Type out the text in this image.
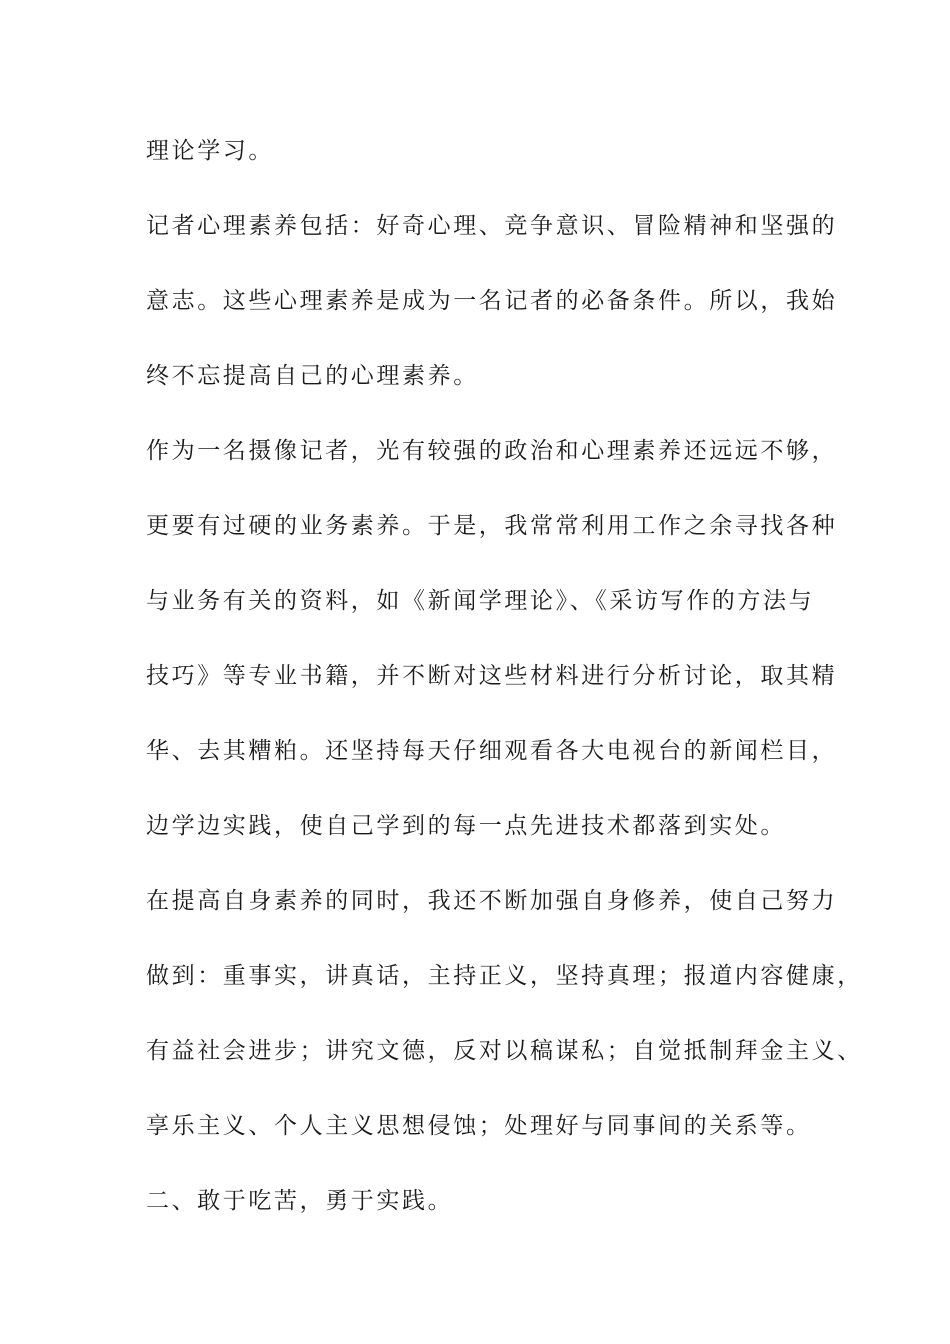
理论学习。
记者心理素养包括：好奇心理、竞争意识、冒险精神和坚强的
意志。这些心理素养是成为一名记者的必备条件。所以，我始
终不忘提高自己的心理素养。
作为一名摄像记者，光有较强的政治和心理素养还远远不够，
更要有过硬的业务素养。于是，我常常利用工作之余寻找各种
与业务有关的资料，如《新闻学理论》、《采访写作的方法与
技巧》等专业书籍，并不断对这些材料进行分析讨论，取其精
华、去其糟粕。还坚持每天仔细观看各大电视台的新闻栏目，
边学边实践，使自己学到的每一点先进技术都落到实处。
在提高自身素养的同时，我还不断加强自身修养，使自己努力
做到：重事实，讲真话，主持正义，坚持真理；报道内容健康，
有益社会进步；讲究文德，反对以稿谋私；自觉抵制拜金主义、
享乐主义、个人主义思想侵蚀；处理好与同事间的关系等。
二、敢于吃苦，勇于实践。
